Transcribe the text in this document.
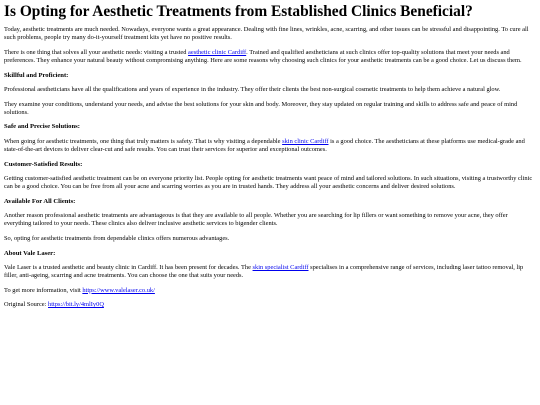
Is Opting for Aesthetic Treatments from Established Clinics Beneficial?

Today, aesthetic treatments are much needed. Nowadays, everyone wants a great appearance. Dealing with fine lines, wrinkles, acne, scarring, and other issues can be stressful and disappointing. To cure all such problems, people try many do-it-yourself treatment kits yet have no positive results.

There is one thing that solves all your aesthetic needs: visiting a trusted aesthetic clinic Cardiff. Trained and qualified aestheticians at such clinics offer top-quality solutions that meet your needs and preferences. They enhance your natural beauty without compromising anything. Here are some reasons why choosing such clinics for your aesthetic treatments can be a good choice. Let us discuss them.

Skillful and Proficient:

Professional aestheticians have all the qualifications and years of experience in the industry. They offer their clients the best non-surgical cosmetic treatments to help them achieve a natural glow.

They examine your conditions, understand your needs, and advise the best solutions for your skin and body. Moreover, they stay updated on regular training and skills to address safe and peace of mind solutions.

Safe and Precise Solutions:

When going for aesthetic treatments, one thing that truly matters is safety. That is why visiting a dependable skin clinic Cardiff is a good choice. The aestheticians at these platforms use medical-grade and state-of-the-art devices to deliver clear-cut and safe results. You can trust their services for superior and exceptional outcomes.

Customer-Satisfied Results:

Getting customer-satisfied aesthetic treatment can be on everyone priority list. People opting for aesthetic treatments want peace of mind and tailored solutions. In such situations, visiting a trustworthy clinic can be a good choice. You can be free from all your acne and scarring worries as you are in trusted hands. They address all your aesthetic concerns and deliver desired solutions.

Available For All Clients:

Another reason professional aesthetic treatments are advantageous is that they are available to all people. Whether you are searching for lip fillers or want something to remove your acne, they offer everything tailored to your needs. These clinics also deliver inclusive aesthetic services to bigender clients.

So, opting for aesthetic treatments from dependable clinics offers numerous advantages.

About Vale Laser:

Vale Laser is a trusted aesthetic and beauty clinic in Cardiff. It has been present for decades. The skin specialist Cardiff specialises in a comprehensive range of services, including laser tattoo removal, lip filler, anti-ageing, scarring and acne treatments. You can choose the one that suits your needs.

To get more information, visit https://www.valelaser.co.uk/

Original Source: https://bit.ly/4mlIy0Q
